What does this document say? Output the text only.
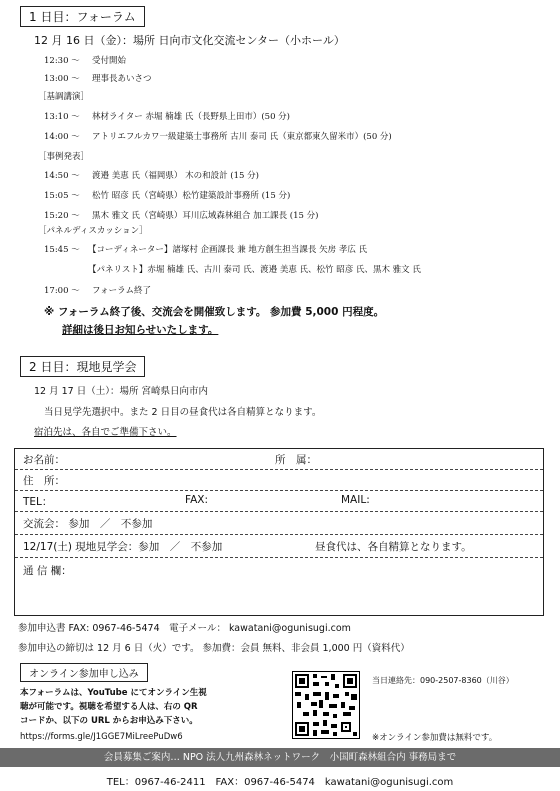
1 日目：フォーラム
12 月 16 日（金）：場所 日向市文化交流センター（小ホール）
12:30 ～ 受付開始
13:00 ～ 理事長あいさつ
［基調講演］
13:10 ～ 林材ライター 赤堀 楠雄 氏（長野県上田市）(50 分)
14:00 ～ アトリエフルカワ一級建築士事務所 古川 泰司 氏（東京都東久留米市）(50 分)
［事例発表］
14:50 ～ 渡邉 美恵 氏（福岡県） 木の和設計 (15 分)
15:05 ～ 松竹 昭彦 氏（宮崎県）松竹建築設計事務所 (15 分)
15:20 ～ 黒木 雅文 氏（宮崎県）耳川広域森林組合 加工課長 (15 分)
［パネルディスカッション］
15:45 ～ 【コーディネーター】諸塚村 企画課長 兼 地方創生担当課長 矢房 孝広 氏
【パネリスト】赤堀 楠雄 氏、古川 泰司 氏、渡邉 美恵 氏、松竹 昭彦 氏、黒木 雅文 氏
17:00 ～ フォーラム終了
※ フォーラム終了後、交流会を開催致します。 参加費 5,000 円程度。
詳細は後日お知らせいたします。
2 日目：現地見学会
12 月 17 日（土）：場所 宮崎県日向市内
当日見学先選択中。また 2 日目の昼食代は各自精算となります。
宿泊先は、各自でご準備下さい。
お名前：	所　属：
住　所：
TEL：	FAX:	MAIL:
交流会： 参加　／　不参加
12/17(土) 現地見学会：参加　／　不参加	昼食代は、各自精算となります。
通 信 欄：
参加申込書 FAX: 0967-46-5474　電子メール： kawatani@ogunisugi.com
参加申込の締切は 12 月 6 日（火）です。 参加費：会員 無料、非会員 1,000 円（資料代）
オンライン参加申し込み
本フォーラムは、YouTube にてオンライン生視
聴が可能です。視聴を希望する人は、右の QR
コードか、以下の URL からお申込み下さい。
https://forms.gle/J1GGE7MiLreePuDw6
当日連絡先：090-2507-8360（川谷）
※オンライン参加費は無料です。
会員募集ご案内… NPO 法人九州森林ネットワーク　小国町森林組合内 事務局まで
TEL：0967-46-2411　FAX：0967-46-5474　kawatani@ogunisugi.com
